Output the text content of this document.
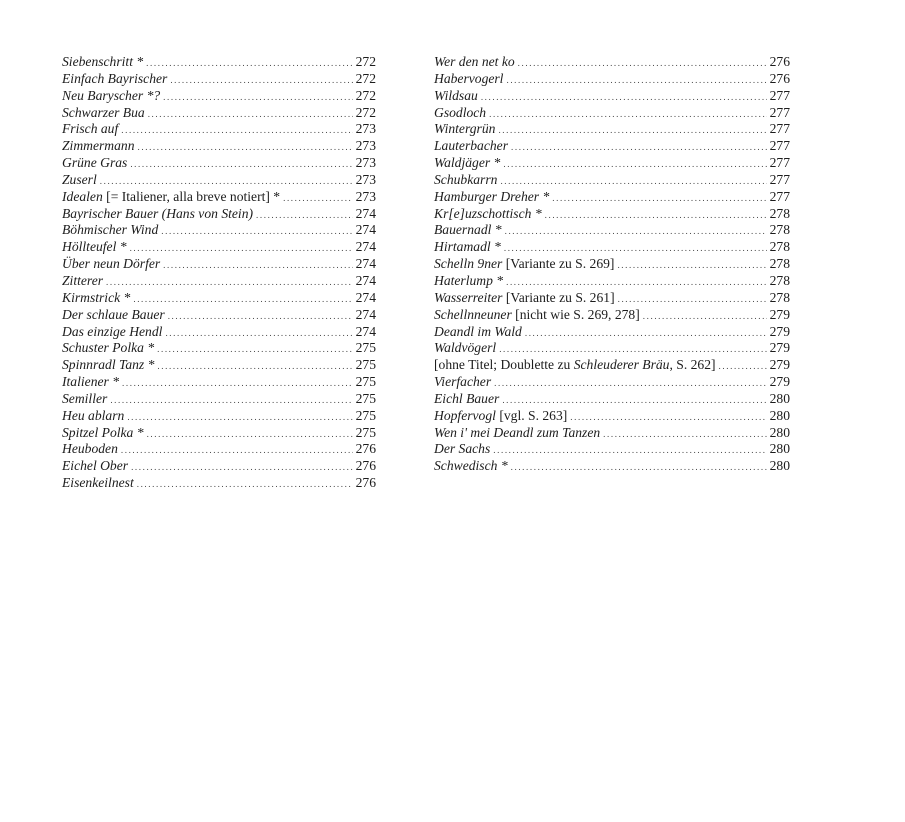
Siebenschritt * .....	272
Einfach Bayrischer .....	272
Neu Baryscher *? .....	272
Schwarzer Bua .....	272
Frisch auf .....	273
Zimmermann .....	273
Grüne Gras .....	273
Zuserl .....	273
Idealen [= Italiener, alla breve notiert] * .....	273
Bayrischer Bauer (Hans von Stein) .....	274
Böhmischer Wind .....	274
Höllteufel * .....	274
Über neun Dörfer .....	274
Zitterer .....	274
Kirmstrick * .....	274
Der schlaue Bauer .....	274
Das einzige Hendl .....	274
Schuster Polka * .....	275
Spinnradl Tanz * .....	275
Italiener * .....	275
Semiller .....	275
Heu ablarn .....	275
Spitzel Polka * .....	275
Heuboden .....	276
Eichel Ober .....	276
Eisenkeilnest .....	276
Wer den net ko .....	276
Habervogerl .....	276
Wildsau .....	277
Gsodloch .....	277
Wintergrün .....	277
Lauterbacher .....	277
Waldjäger * .....	277
Schubkarrn .....	277
Hamburger Dreher * .....	277
Kr[e]uzschottisch * .....	278
Bauernadl * .....	278
Hirtamadl * .....	278
Schelln 9ner [Variante zu S. 269] .....	278
Haterlump * .....	278
Wasserreiter [Variante zu S. 261] .....	278
Schellnneuner [nicht wie S. 269, 278] .....	279
Deandl im Wald .....	279
Waldvögerl .....	279
[ohne Titel; Doublette zu Schleuderer Bräu, S. 262] .....	279
Vierfacher .....	279
Eichl Bauer .....	280
Hopfervogl [vgl. S. 263] .....	280
Wen i' mei Deandl zum Tanzen .....	280
Der Sachs .....	280
Schwedisch * .....	280
